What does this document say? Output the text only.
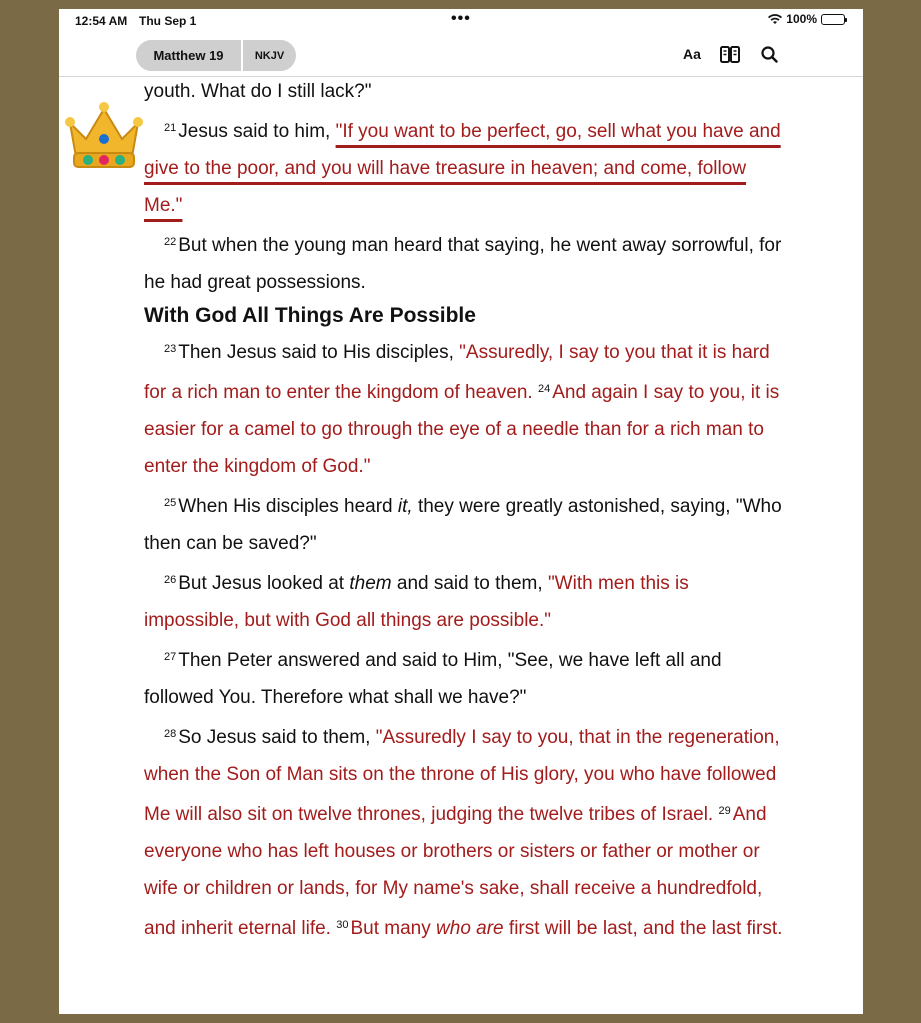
12:54 AM Thu Sep 1	•••	100%
Matthew 19	NKJV	Aa

youth. What do I still lack?"

$^{21}$ Jesus said to him, "If you want to be perfect, go, sell what you have and give to the poor, and you will have treasure in heaven; and come, follow Me."

$^{22}$ But when the young man heard that saying, he went away sorrowful, for he had great possessions.

With God All Things Are Possible

$^{23}$ Then Jesus said to His disciples, "Assuredly, I say to you that it is hard for a rich man to enter the kingdom of heaven. $^{24}$ And again I say to you, it is easier for a camel to go through the eye of a needle than for a rich man to enter the kingdom of God."

$^{25}$ When His disciples heard it, they were greatly astonished, saying, "Who then can be saved?"

$^{26}$ But Jesus looked at them and said to them, "With men this is impossible, but with God all things are possible."

$^{27}$ Then Peter answered and said to Him, "See, we have left all and followed You. Therefore what shall we have?"

$^{28}$ So Jesus said to them, "Assuredly I say to you, that in the regeneration, when the Son of Man sits on the throne of His glory, you who have followed Me will also sit on twelve thrones, judging the twelve tribes of Israel. $^{29}$ And everyone who has left houses or brothers or sisters or father or mother or wife or children or lands, for My name's sake, shall receive a hundredfold, and inherit eternal life. $^{30}$ But many who are first will be last, and the last first.
